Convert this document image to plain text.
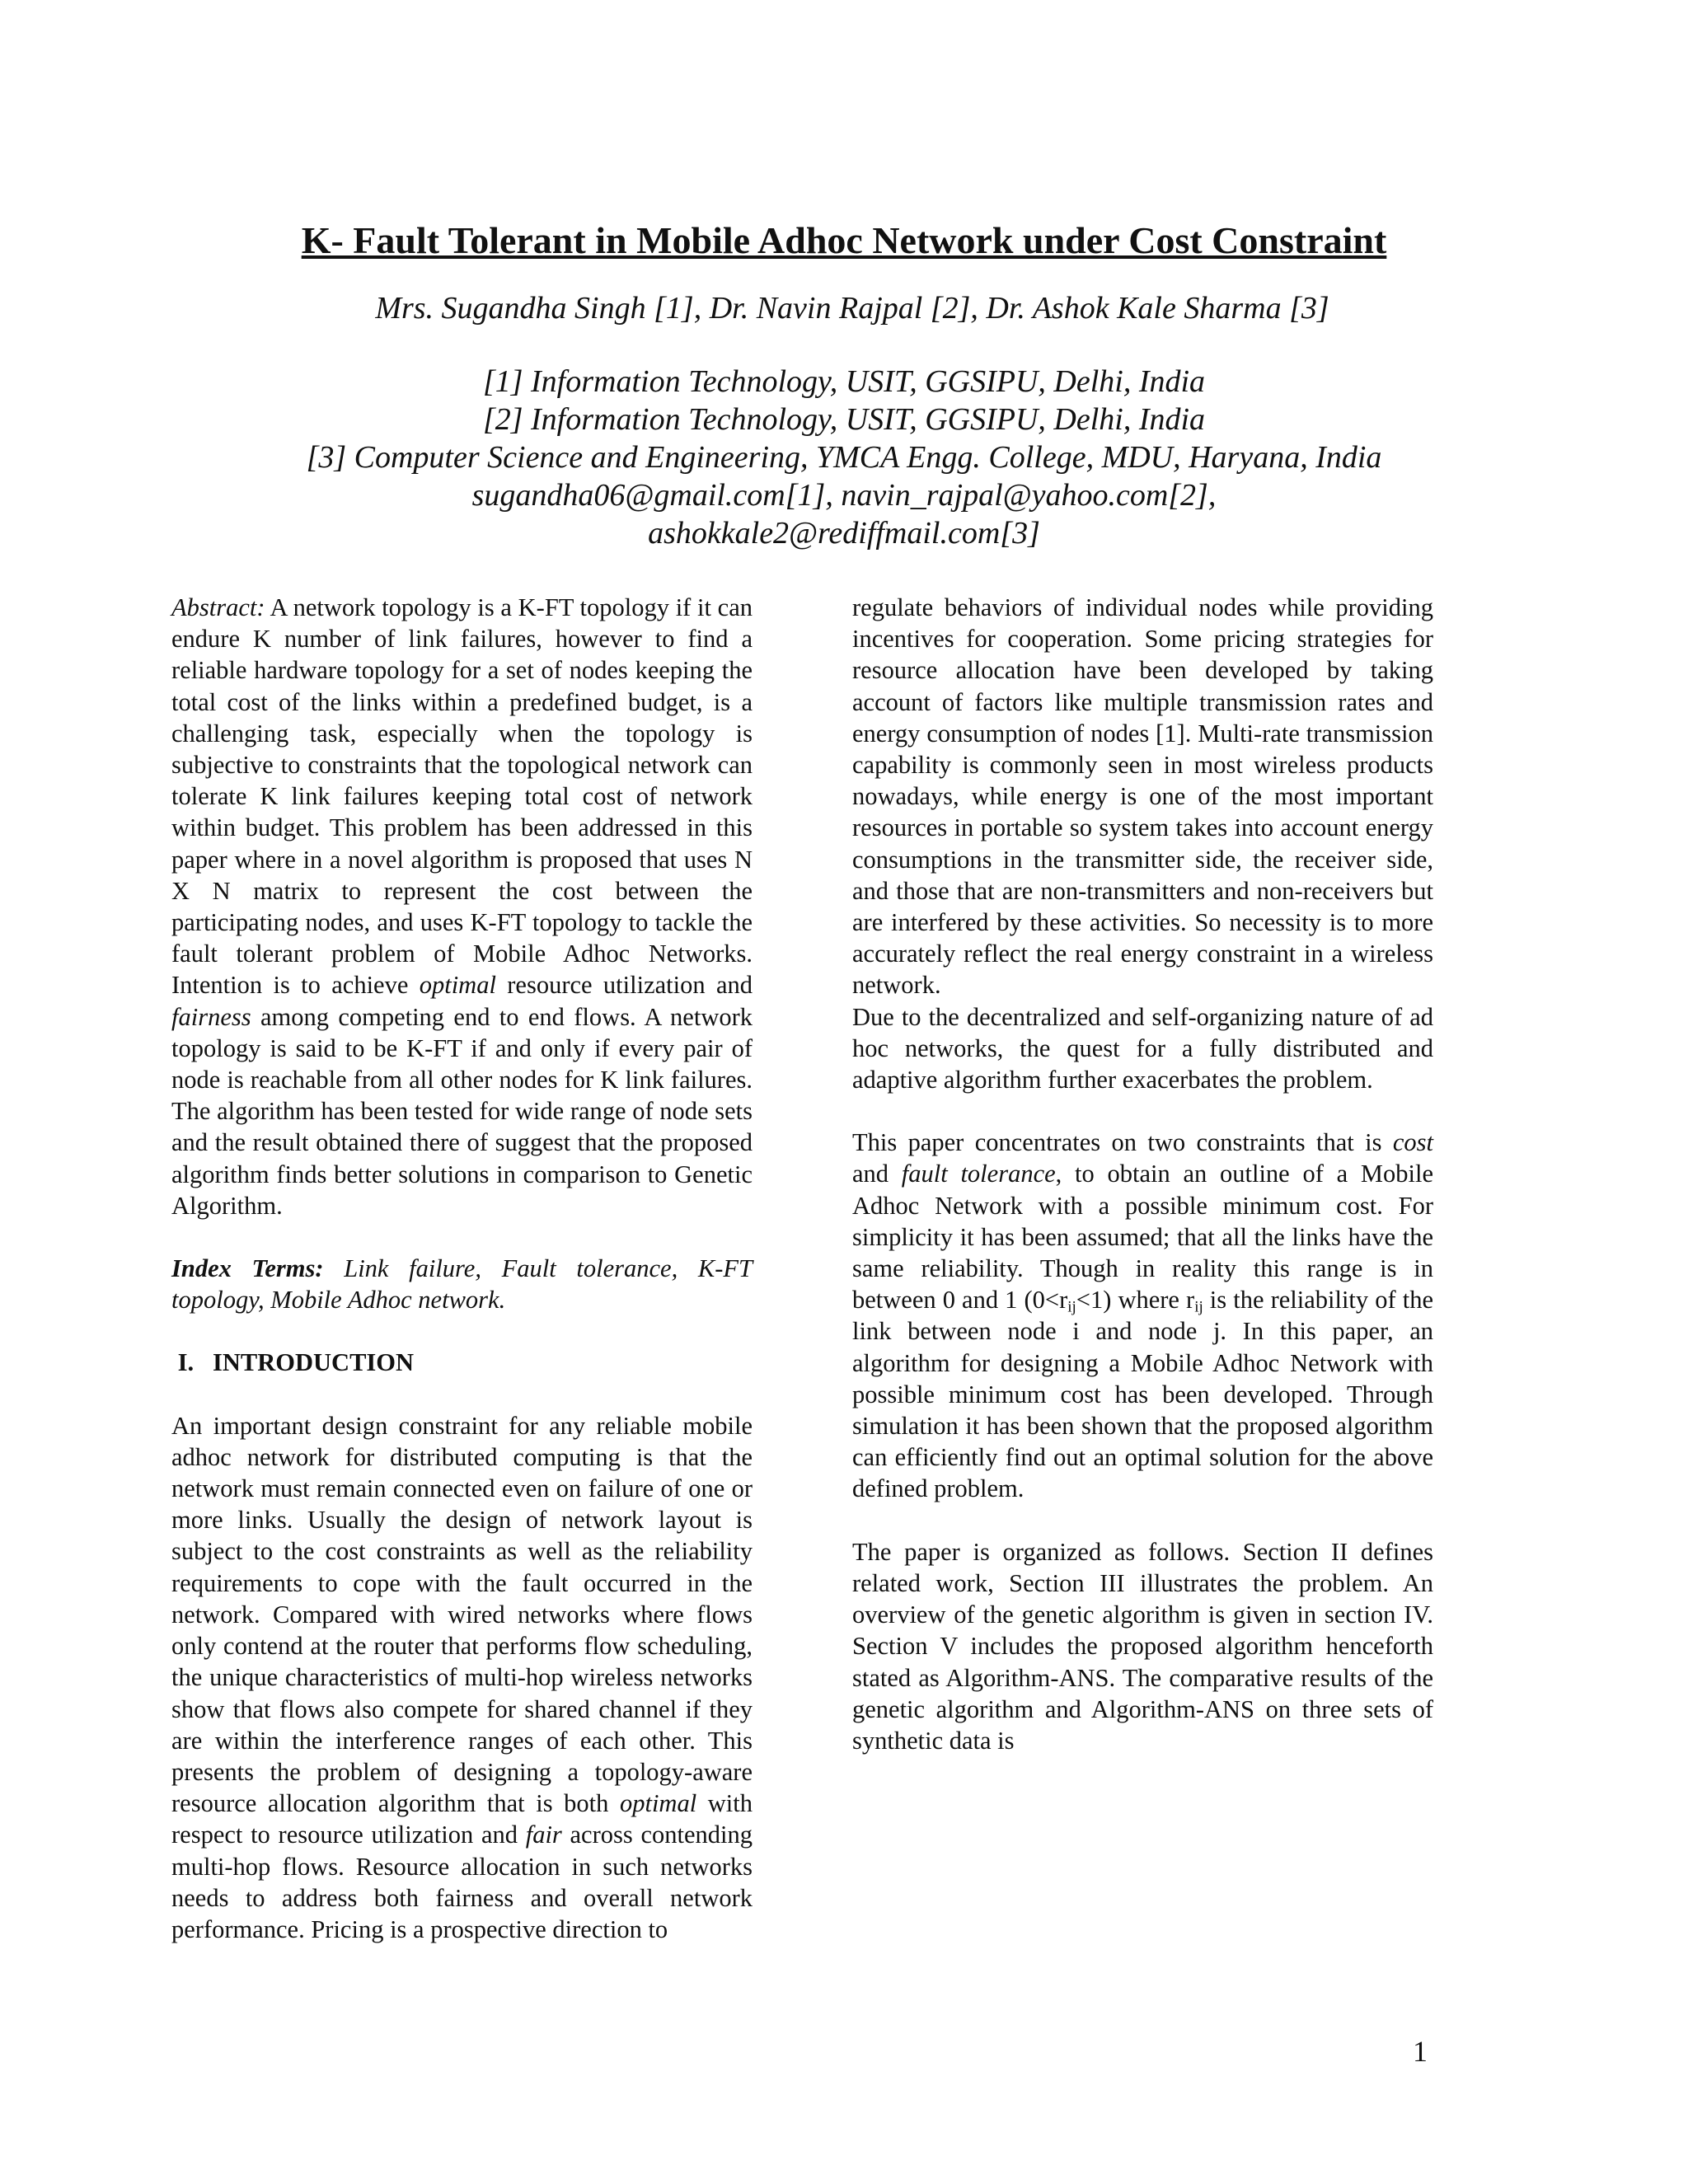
K- Fault Tolerant in Mobile Adhoc Network under Cost Constraint
Mrs. Sugandha Singh [1], Dr. Navin Rajpal [2], Dr. Ashok Kale Sharma [3]
[1] Information Technology, USIT, GGSIPU, Delhi, India
[2] Information Technology, USIT, GGSIPU, Delhi, India
[3] Computer Science and Engineering, YMCA Engg. College, MDU, Haryana, India
sugandha06@gmail.com[1], navin_rajpal@yahoo.com[2],
ashokkale2@rediffmail.com[3]

Abstract: A network topology is a K-FT topology if it can endure K number of link failures, however to find a reliable hardware topology for a set of nodes keeping the total cost of the links within a predefined budget, is a challenging task, especially when the topology is subjective to constraints that the topological network can tolerate K link failures keeping total cost of network within budget. This problem has been addressed in this paper where in a novel algorithm is proposed that uses N X N matrix to represent the cost between the participating nodes, and uses K-FT topology to tackle the fault tolerant problem of Mobile Adhoc Networks. Intention is to achieve optimal resource utilization and fairness among competing end to end flows. A network topology is said to be K-FT if and only if every pair of node is reachable from all other nodes for K link failures. The algorithm has been tested for wide range of node sets and the result obtained there of suggest that the proposed algorithm finds better solutions in comparison to Genetic Algorithm.

Index Terms: Link failure, Fault tolerance, K-FT topology, Mobile Adhoc network.

I. INTRODUCTION

An important design constraint for any reliable mobile adhoc network for distributed computing is that the network must remain connected even on failure of one or more links. Usually the design of network layout is subject to the cost constraints as well as the reliability requirements to cope with the fault occurred in the network. Compared with wired networks where flows only contend at the router that performs flow scheduling, the unique characteristics of multi-hop wireless networks show that flows also compete for shared channel if they are within the interference ranges of each other. This presents the problem of designing a topology-aware resource allocation algorithm that is both optimal with respect to resource utilization and fair across contending multi-hop flows. Resource allocation in such networks needs to address both fairness and overall network performance. Pricing is a prospective direction to

regulate behaviors of individual nodes while providing incentives for cooperation. Some pricing strategies for resource allocation have been developed by taking account of factors like multiple transmission rates and energy consumption of nodes [1]. Multi-rate transmission capability is commonly seen in most wireless products nowadays, while energy is one of the most important resources in portable so system takes into account energy consumptions in the transmitter side, the receiver side, and those that are non-transmitters and non-receivers but are interfered by these activities. So necessity is to more accurately reflect the real energy constraint in a wireless network.

Due to the decentralized and self-organizing nature of ad hoc networks, the quest for a fully distributed and adaptive algorithm further exacerbates the problem.

This paper concentrates on two constraints that is cost and fault tolerance, to obtain an outline of a Mobile Adhoc Network with a possible minimum cost. For simplicity it has been assumed; that all the links have the same reliability. Though in reality this range is in between 0 and 1 $(0<r_{ij}<1)$ where $r_{ij}$ is the reliability of the link between node i and node j. In this paper, an algorithm for designing a Mobile Adhoc Network with possible minimum cost has been developed. Through simulation it has been shown that the proposed algorithm can efficiently find out an optimal solution for the above defined problem.

The paper is organized as follows. Section II defines related work, Section III illustrates the problem. An overview of the genetic algorithm is given in section IV. Section V includes the proposed algorithm henceforth stated as Algorithm-ANS. The comparative results of the genetic algorithm and Algorithm-ANS on three sets of synthetic data is

1
